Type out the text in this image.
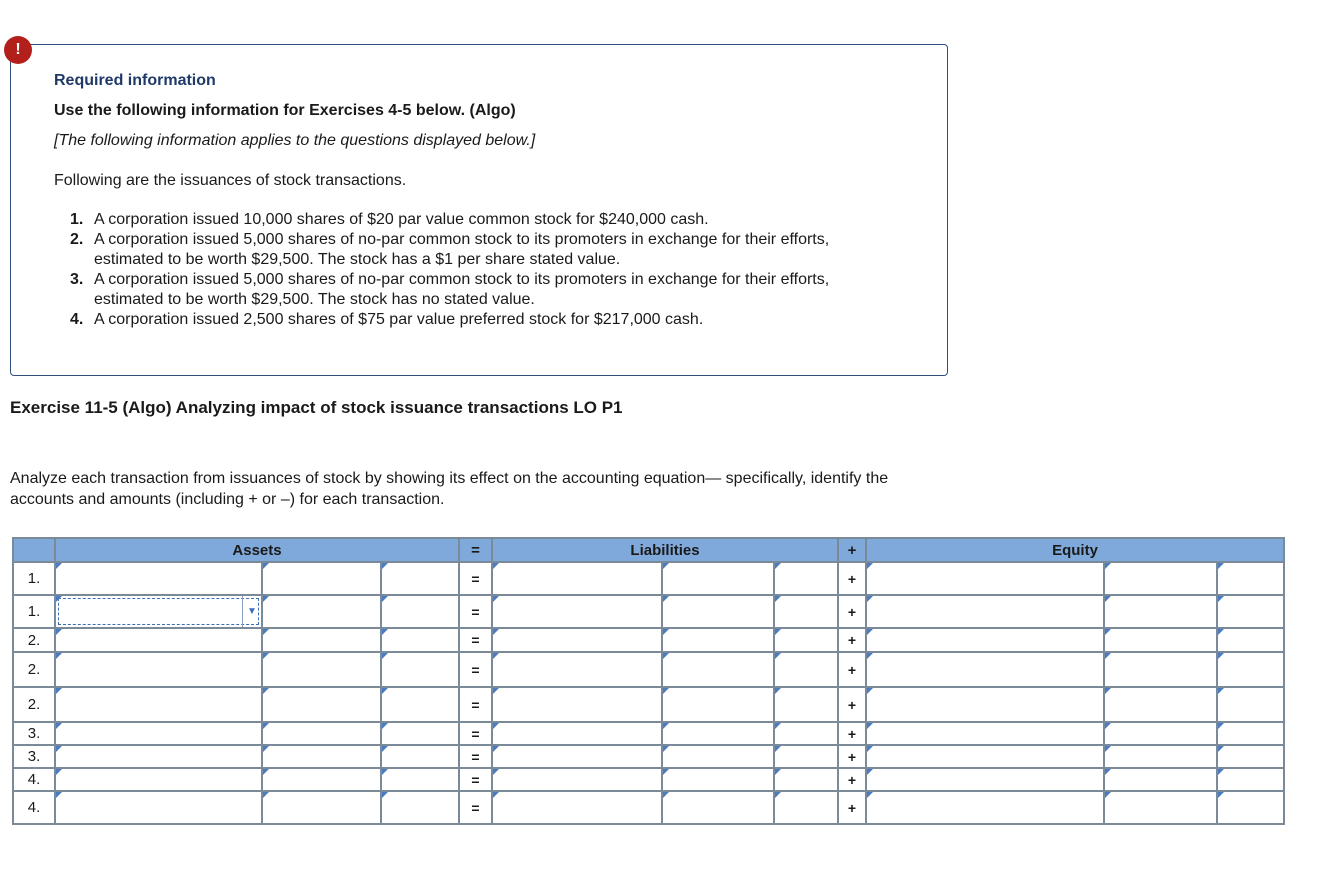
!
Required information
Use the following information for Exercises 4-5 below. (Algo)
[The following information applies to the questions displayed below.]
Following are the issuances of stock transactions.
1. A corporation issued 10,000 shares of $20 par value common stock for $240,000 cash.
2. A corporation issued 5,000 shares of no-par common stock to its promoters in exchange for their efforts, estimated to be worth $29,500. The stock has a $1 per share stated value.
3. A corporation issued 5,000 shares of no-par common stock to its promoters in exchange for their efforts, estimated to be worth $29,500. The stock has no stated value.
4. A corporation issued 2,500 shares of $75 par value preferred stock for $217,000 cash.
Exercise 11-5 (Algo) Analyzing impact of stock issuance transactions LO P1
Analyze each transaction from issuances of stock by showing its effect on the accounting equation— specifically, identify the accounts and amounts (including + or –) for each transaction.
	Assets			=	Liabilities			+	Equity		
1.				=				+			
1.	▼			=				+			
2.				=				+			
2.				=				+			
2.				=				+			
3.				=				+			
3.				=				+			
4.				=				+			
4.				=				+			
